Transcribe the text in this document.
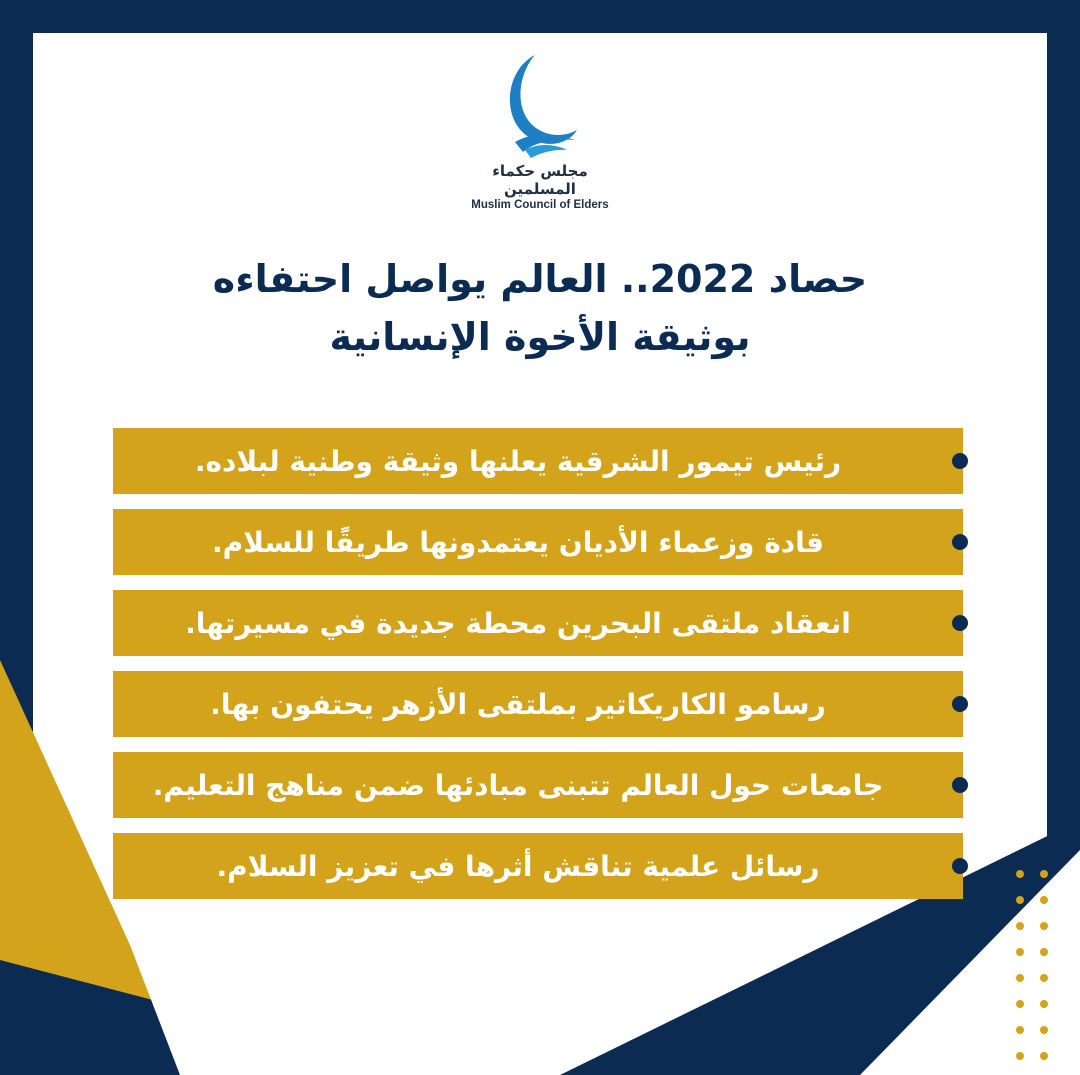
مجلس حكماء المسلمين
Muslim Council of Elders
حصاد 2022.. العالم يواصل احتفاءه
بوثيقة الأخوة الإنسانية
رئيس تيمور الشرقية يعلنها وثيقة وطنية لبلاده.
قادة وزعماء الأديان يعتمدونها طريقًا للسلام.
انعقاد ملتقى البحرين محطة جديدة في مسيرتها.
رسامو الكاريكاتير بملتقى الأزهر يحتفون بها.
جامعات حول العالم تتبنى مبادئها ضمن مناهج التعليم.
رسائل علمية تناقش أثرها في تعزيز السلام.
